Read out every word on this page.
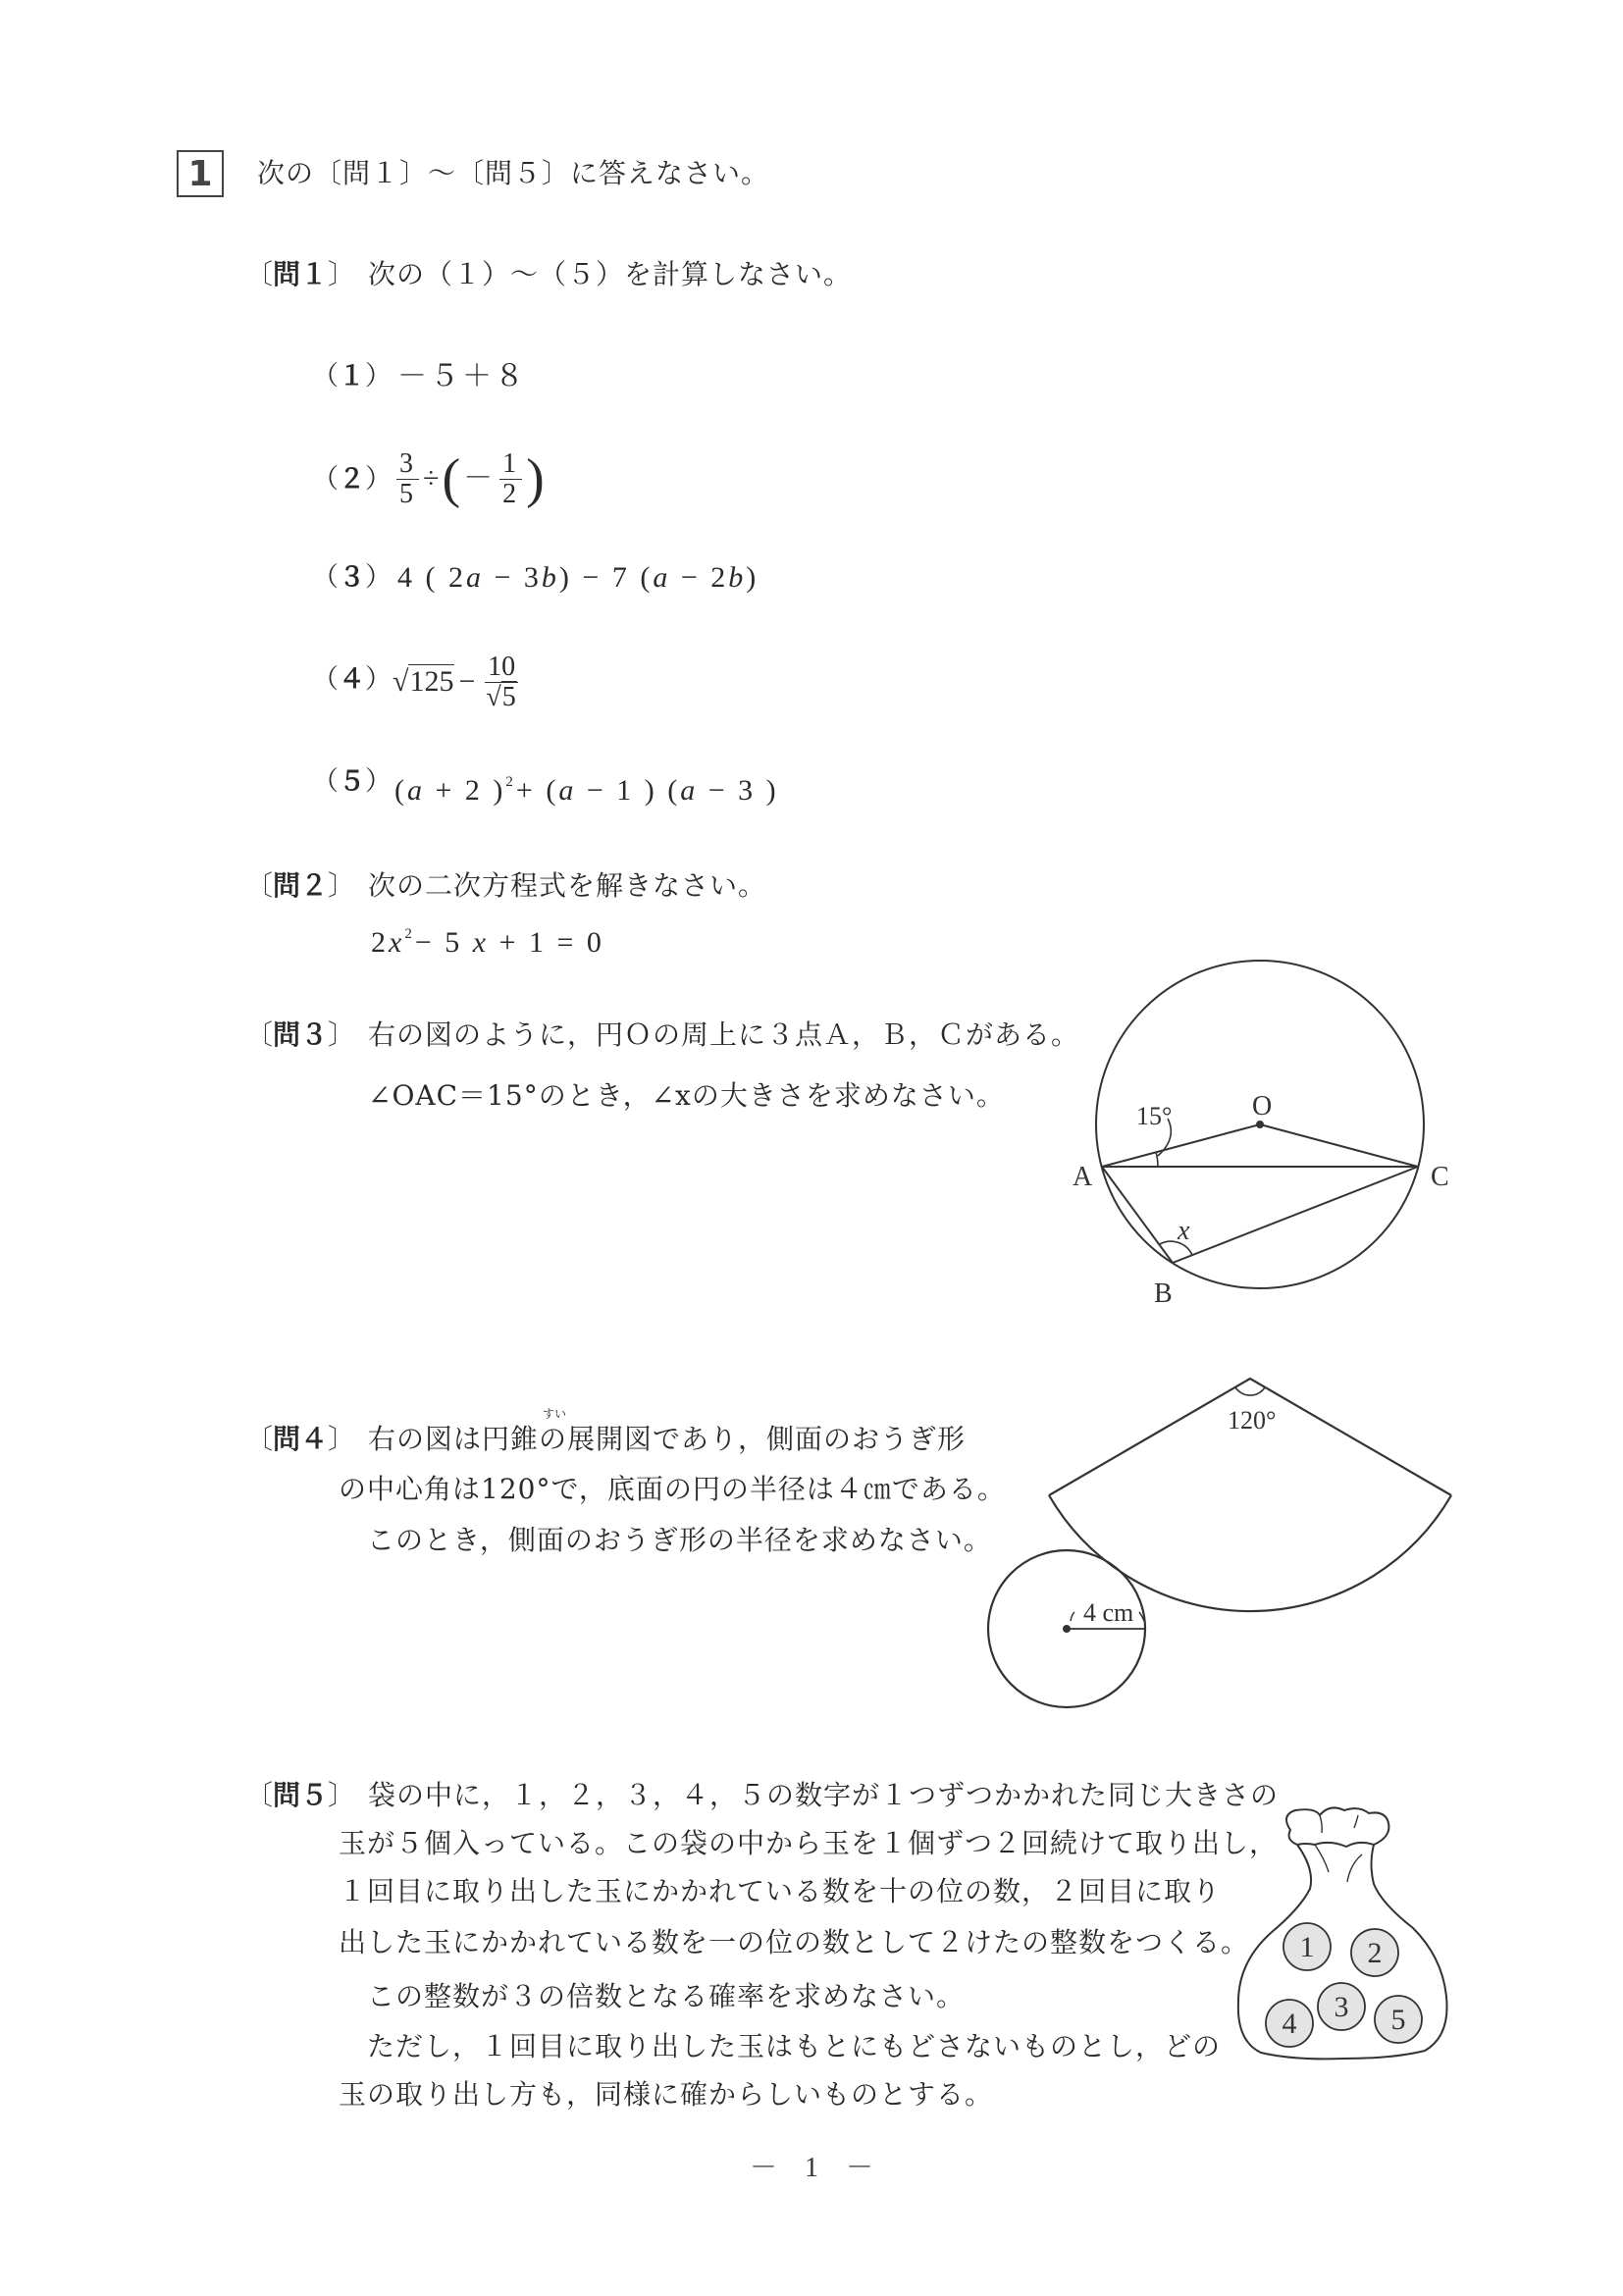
1 次の〔問１〕～〔問５〕に答えなさい。
〔問１〕 次の（１）～（５）を計算しなさい。
（１） －５＋８
$(2) \frac{3}{5}$ ÷ ( － $\frac{1}{2}$ )
（３） 4 ( 2a − 3b) − 7 (a − 2b)
（４） $√125 - \frac{10}{√5}$
（５） (a + 2 )$^2$+ (a − 1 ) (a − 3 )
〔問２〕 次の二次方程式を解きなさい。
$2x^2- 5$ x + 1 = 0
〔問３〕 右の図のように，円Ｏの周上に３点Ａ，Ｂ，Ｃがある。
∠OAC＝15°のとき，∠xの大きさを求めなさい。	O
A	C
B
x
15°
120°
4 cm
1 2
3
4	5
－　1　－
すい
〔問４〕 右の図は円錐の展開図であり，側面のおうぎ形
の中心角は120°で，底面の円の半径は４㎝である。
　このとき，側面のおうぎ形の半径を求めなさい。
〔問５〕 袋の中に，１，２，３，４，５の数字が１つずつかかれた同じ大きさの
玉が５個入っている。この袋の中から玉を１個ずつ２回続けて取り出し，
１回目に取り出した玉にかかれている数を十の位の数，２回目に取り
出した玉にかかれている数を一の位の数として２けたの整数をつくる。
　この整数が３の倍数となる確率を求めなさい。
　ただし，１回目に取り出した玉はもとにもどさないものとし，どの
玉の取り出し方も，同様に確からしいものとする。
